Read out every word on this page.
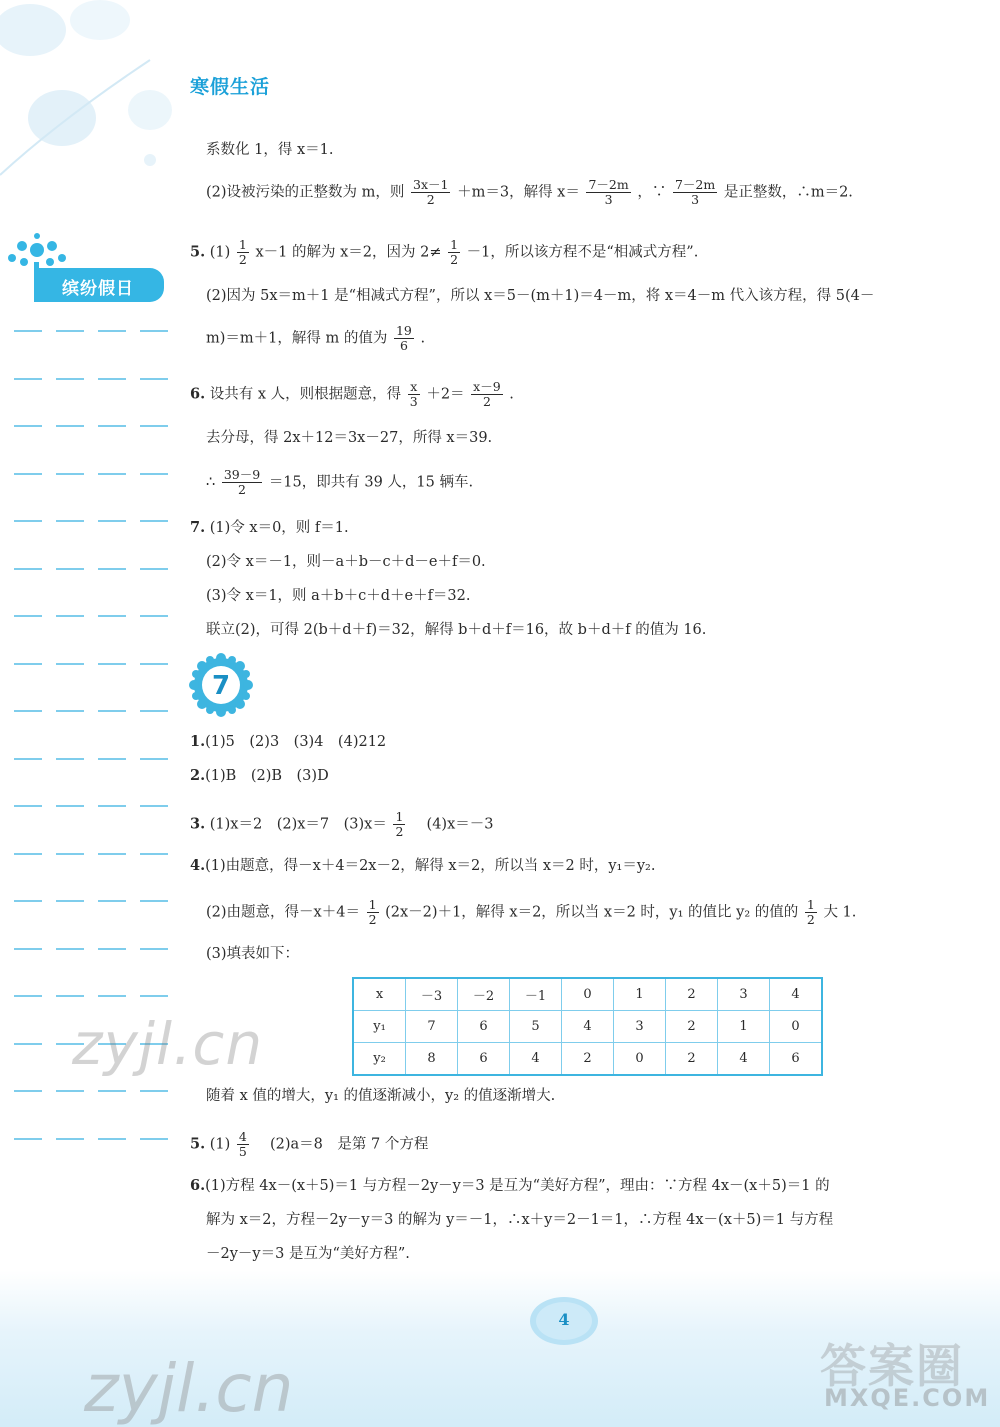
寒假生活
缤纷假日
系数化 1，得 x＝1.
(2)设被污染的正整数为 m，则 $\frac{3x-1}{2} +m=3$，解得 $x= \frac{7-2m}{3}$ ，∵ $\frac{7-2m}{3}$ 是正整数，∴m＝2.
5. $(1) \frac{1}{2} x-1$ 的解为 x＝2，因为 $2\ne \frac{1}{2} -1$，所以该方程不是“相减式方程”.
(2)因为 5x＝m＋1 是“相减式方程”，所以 x＝5－(m＋1)＝4－m，将 x＝4－m 代入该方程，得 5(4－
m)＝m＋1，解得 m 的值为 $\frac{19}{6}$ .
6. 设共有 x 人，则根据题意，得 $\frac{x}{3} +2= \frac{x-9}{2}$ .
去分母，得 2x＋12＝3x－27，所得 x＝39.
∴ $\frac{39-9}{2} =15$，即共有 39 人，15 辆车.
7. (1)令 x＝0，则 f＝1.
(2)令 x＝－1，则－a＋b－c＋d－e＋f＝0.
(3)令 x＝1，则 a＋b＋c＋d＋e＋f＝32.
联立(2)，可得 2(b＋d＋f)＝32，解得 b＋d＋f＝16，故 b＋d＋f 的值为 16.
7
1.(1)5　(2)3　(3)4　(4)212
2.(1)B　(2)B　(3)D
3. (1)x＝2　(2)x＝7　$(3)x= \frac{1}{2}$ 　(4)x＝－3
4.(1)由题意，得－x＋4＝2x－2，解得 x＝2，所以当 x＝2 时，y₁＝y₂.
(2)由题意，得$-x+4= \frac{1}{2} (2x-2)+1$，解得 x＝2，所以当 x＝2 时，y₁ 的值比 y₂ 的值的 $\frac{1}{2}$ 大 1.
(3)填表如下：
x	－3	－2	－1	0	1	2	3	4
y₁	7	6	5	4	3	2	1	0
y₂	8	6	4	2	0	2	4	6
zyjl.cn
随着 x 值的增大，y₁ 的值逐渐减小，y₂ 的值逐渐增大.
5. $(1) \frac{4}{5}$ 　(2)a＝8　是第 7 个方程
6.(1)方程 4x－(x＋5)＝1 与方程－2y－y＝3 是互为“美好方程”，理由：∵方程 4x－(x＋5)＝1 的
解为 x＝2，方程－2y－y＝3 的解为 y＝－1，∴x＋y＝2－1＝1，∴方程 4x－(x＋5)＝1 与方程
－2y－y＝3 是互为“美好方程”.
4
zyjl.cn	答案圈
MXQE.COM
